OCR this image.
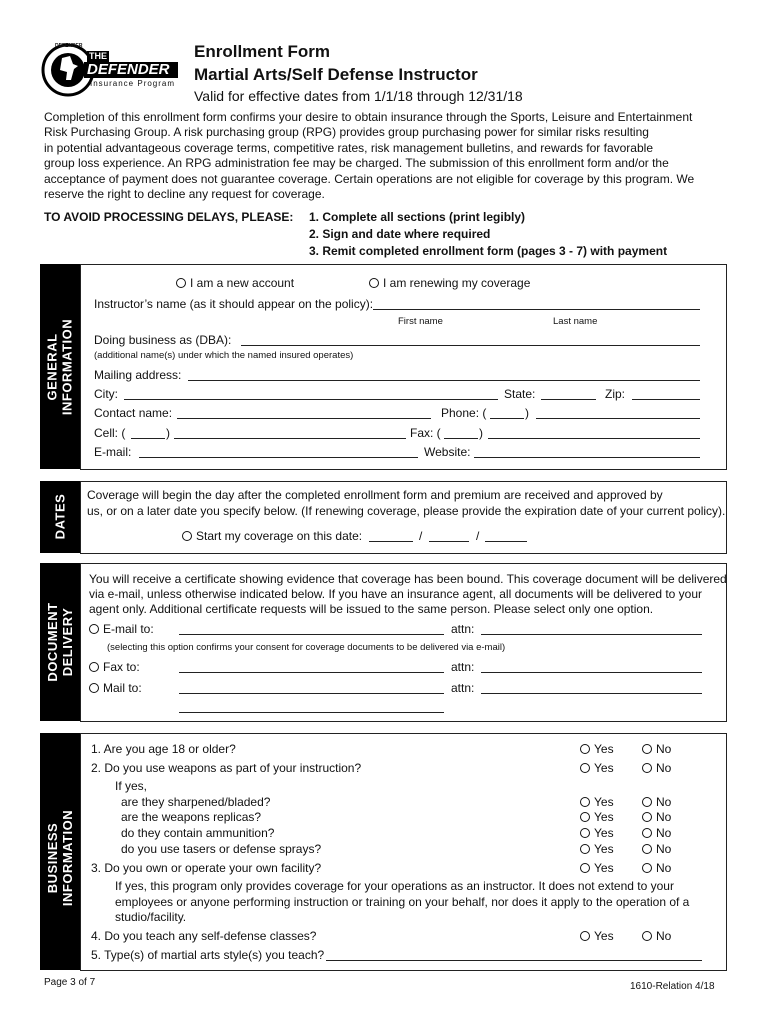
THE
DEFENDER
Insurance Program
DEFENDER	Enrollment Form
Martial Arts/Self Defense Instructor
Valid for effective dates from 1/1/18 through 12/31/18
Completion of this enrollment form confirms your desire to obtain insurance through the Sports, Leisure and Entertainment
Risk Purchasing Group. A risk purchasing group (RPG) provides group purchasing power for similar risks resulting
in potential advantageous coverage terms, competitive rates, risk management bulletins, and rewards for favorable
group loss experience. An RPG administration fee may be charged. The submission of this enrollment form and/or the
acceptance of payment does not guarantee coverage. Certain operations are not eligible for coverage by this program. We
reserve the right to decline any request for coverage.
TO AVOID PROCESSING DELAYS, PLEASE: 1. Complete all sections (print legibly)
2. Sign and date where required
3. Remit completed enrollment form (pages 3 - 7) with payment
GENERAL
INFORMATION
I am a new account	I am renewing my coverage
Instructor’s name (as it should appear on the policy):
First name	Last name
Doing business as (DBA):
(additional name(s) under which the named insured operates)
Mailing address:
City:	State:	Zip:
Contact name:	Phone: (	)
Cell: (	)	Fax: (	)
E-mail:	Website:
DATES Coverage will begin the day after the completed enrollment form and premium are received and approved by
us, or on a later date you specify below. (If renewing coverage, please provide the expiration date of your current policy).
Start my coverage on this date:	/	/
DOCUMENT
DELIVERY
You will receive a certificate showing evidence that coverage has been bound. This coverage document will be delivered
via e-mail, unless otherwise indicated below. If you have an insurance agent, all documents will be delivered to your
agent only. Additional certificate requests will be issued to the same person. Please select only one option.
E-mail to:	attn:
(selecting this option confirms your consent for coverage documents to be delivered via e-mail)
Fax to:	attn:
Mail to:	attn:
BUSINESS
INFORMATION
1. Are you age 18 or older?	Yes	No
2. Do you use weapons as part of your instruction?	Yes	No
If yes,
are they sharpened/bladed?	Yes	No
are the weapons replicas?	Yes	No
do they contain ammunition?	Yes	No
do you use tasers or defense sprays?	Yes	No
3. Do you own or operate your own facility?	Yes	No
If yes, this program only provides coverage for your operations as an instructor. It does not extend to your
employees or anyone performing instruction or training on your behalf, nor does it apply to the operation of a
studio/facility.
4. Do you teach any self-defense classes?	Yes	No
5. Type(s) of martial arts style(s) you teach?
Page 3 of 7	1610-Relation 4/18
